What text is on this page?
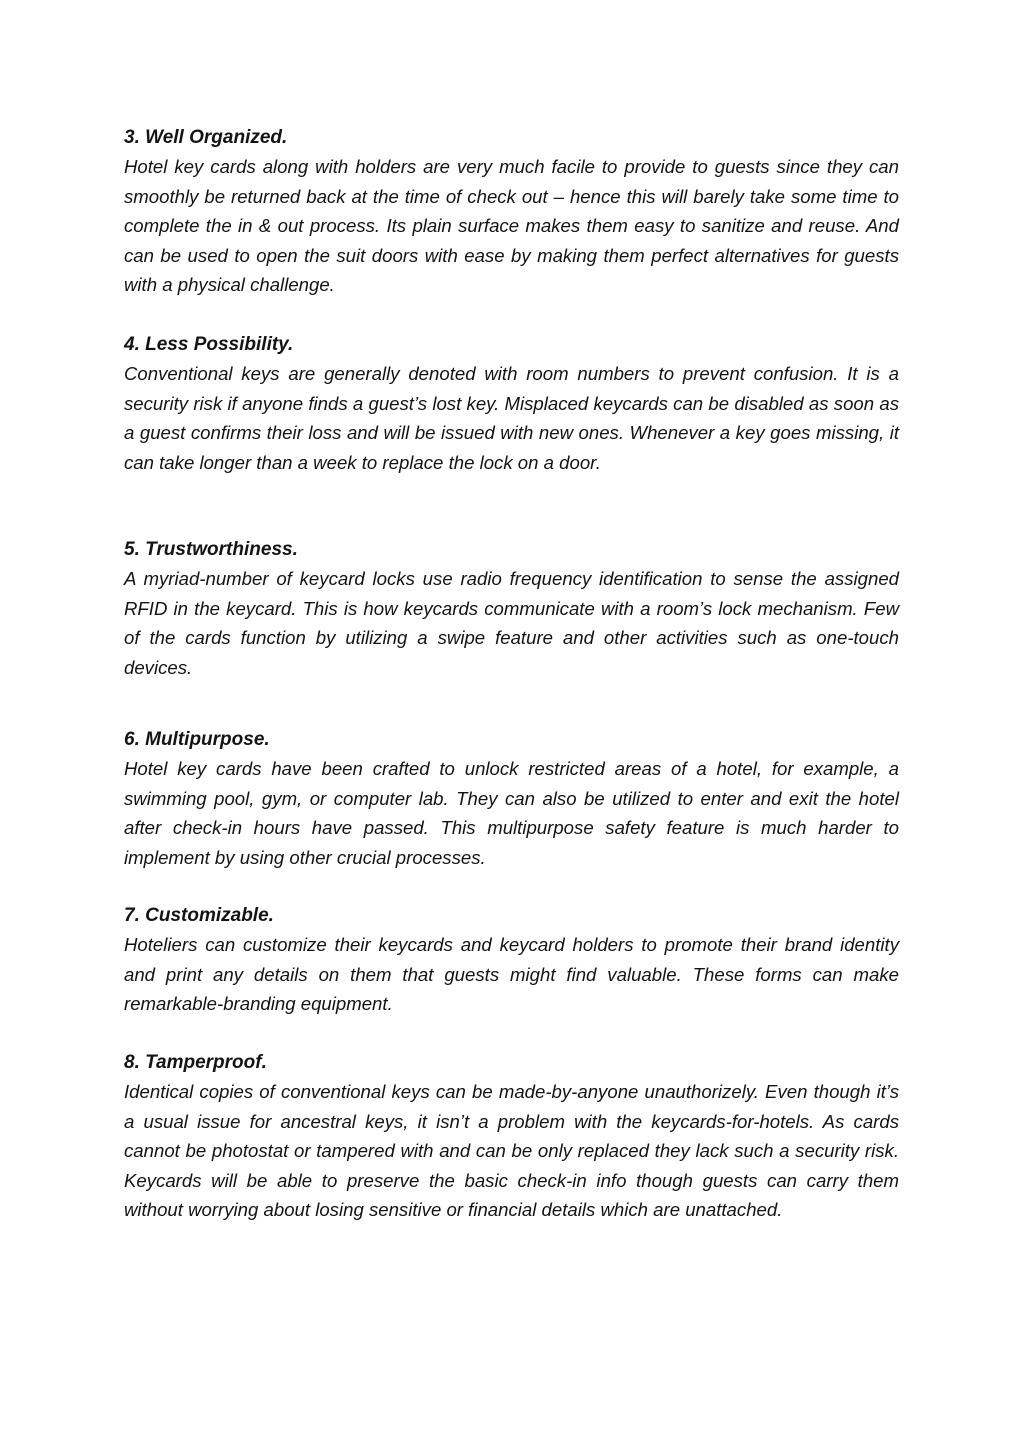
3. Well Organized.

Hotel key cards along with holders are very much facile to provide to guests since they can smoothly be returned back at the time of check out – hence this will barely take some time to complete the in & out process. Its plain surface makes them easy to sanitize and reuse. And can be used to open the suit doors with ease by making them perfect alternatives for guests with a physical challenge.

4. Less Possibility.

Conventional keys are generally denoted with room numbers to prevent confusion. It is a security risk if anyone finds a guest’s lost key. Misplaced keycards can be disabled as soon as a guest confirms their loss and will be issued with new ones. Whenever a key goes missing, it can take longer than a week to replace the lock on a door.

5. Trustworthiness.

A myriad-number of keycard locks use radio frequency identification to sense the assigned RFID in the keycard. This is how keycards communicate with a room’s lock mechanism. Few of the cards function by utilizing a swipe feature and other activities such as one-touch devices.

6. Multipurpose.

Hotel key cards have been crafted to unlock restricted areas of a hotel, for example, a swimming pool, gym, or computer lab. They can also be utilized to enter and exit the hotel after check-in hours have passed. This multipurpose safety feature is much harder to implement by using other crucial processes.

7. Customizable.

Hoteliers can customize their keycards and keycard holders to promote their brand identity and print any details on them that guests might find valuable. These forms can make remarkable-branding equipment.

8. Tamperproof.

Identical copies of conventional keys can be made-by-anyone unauthorizely. Even though it’s a usual issue for ancestral keys, it isn’t a problem with the keycards-for-hotels. As cards cannot be photostat or tampered with and can be only replaced they lack such a security risk. Keycards will be able to preserve the basic check-in info though guests can carry them without worrying about losing sensitive or financial details which are unattached.
